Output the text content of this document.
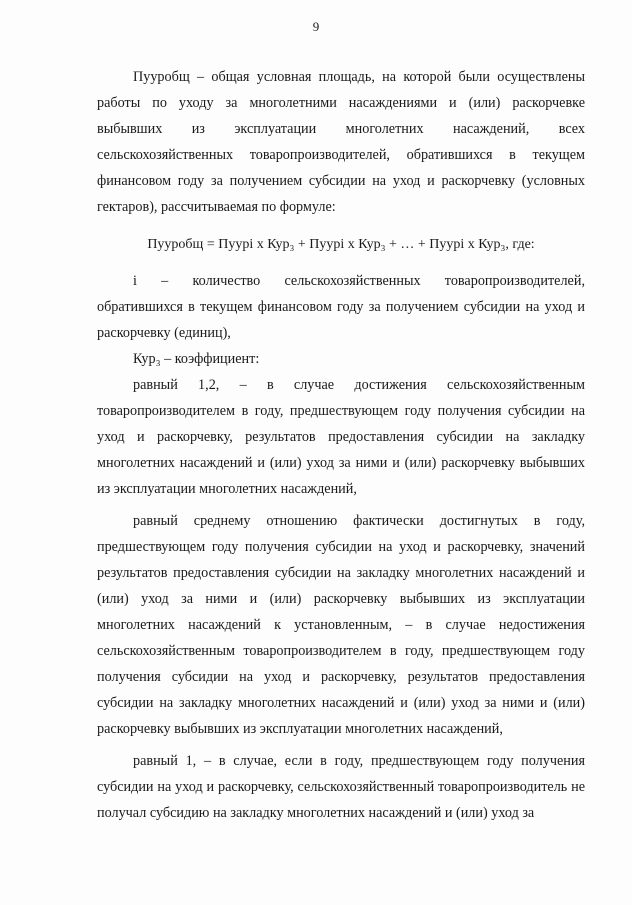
9

Пууробщ – общая условная площадь, на которой были осуществлены работы по уходу за многолетними насаждениями и (или) раскорчевке выбывших из эксплуатации многолетних насаждений, всех сельскохозяйственных товаропроизводителей, обратившихся в текущем финансовом году за получением субсидии на уход и раскорчевку (условных гектаров), рассчитываемая по формуле:

Пууробщ = Пуурi x Кур₃ + Пуурi x Кур₃ + … + Пуурi x Кур₃, где:

i – количество сельскохозяйственных товаропроизводителей, обратившихся в текущем финансовом году за получением субсидии на уход и раскорчевку (единиц),

Кур₃ – коэффициент:

равный 1,2, – в случае достижения сельскохозяйственным товаропроизводителем в году, предшествующем году получения субсидии на уход и раскорчевку, результатов предоставления субсидии на закладку многолетних насаждений и (или) уход за ними и (или) раскорчевку выбывших из эксплуатации многолетних насаждений,

равный среднему отношению фактически достигнутых в году, предшествующем году получения субсидии на уход и раскорчевку, значений результатов предоставления субсидии на закладку многолетних насаждений и (или) уход за ними и (или) раскорчевку выбывших из эксплуатации многолетних насаждений к установленным, – в случае недостижения сельскохозяйственным товаропроизводителем в году, предшествующем году получения субсидии на уход и раскорчевку, результатов предоставления субсидии на закладку многолетних насаждений и (или) уход за ними и (или) раскорчевку выбывших из эксплуатации многолетних насаждений,

равный 1, – в случае, если в году, предшествующем году получения субсидии на уход и раскорчевку, сельскохозяйственный товаропроизводитель не получал субсидию на закладку многолетних насаждений и (или) уход за
